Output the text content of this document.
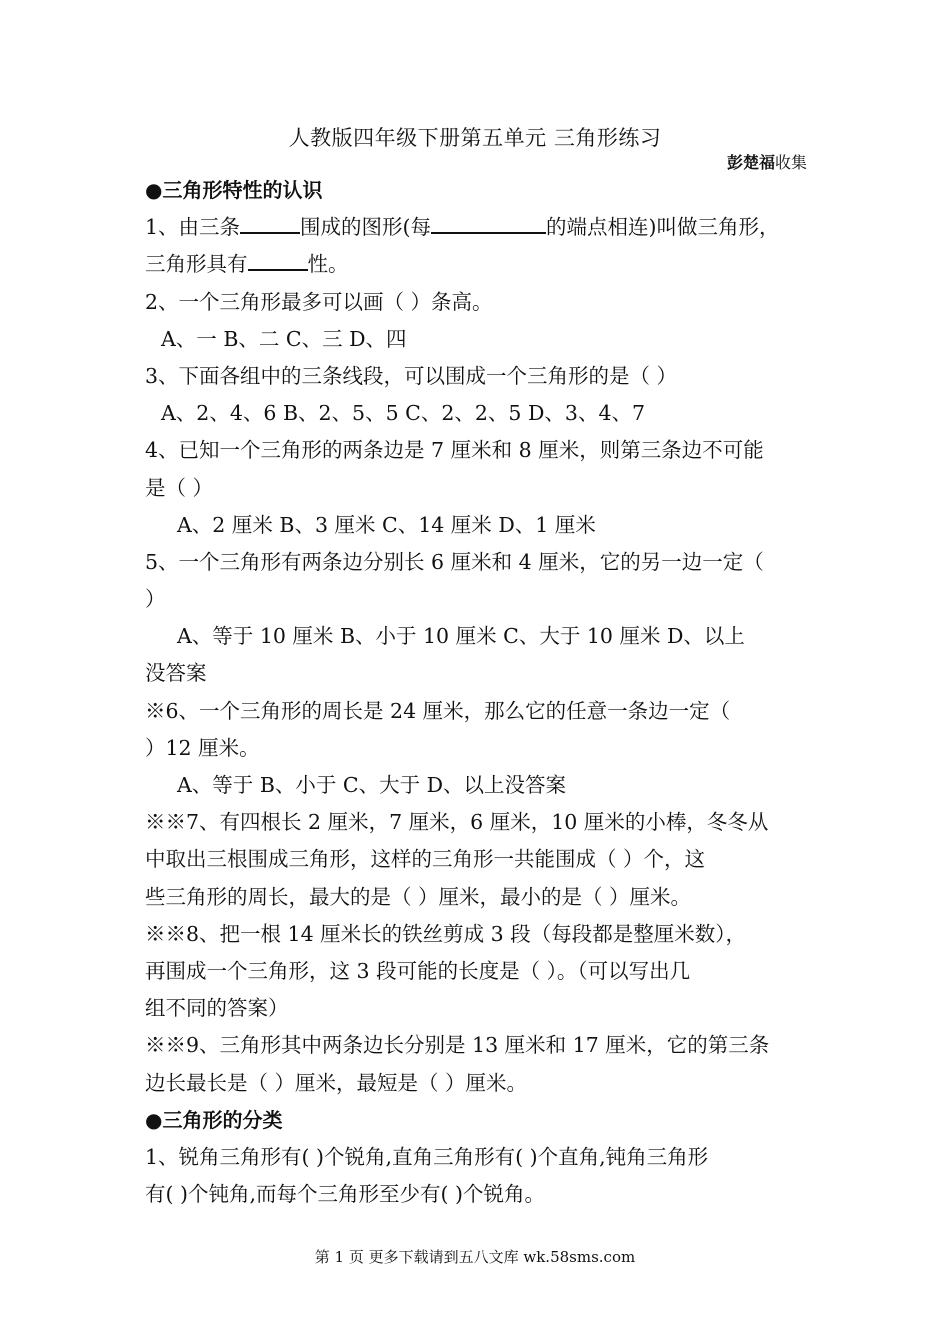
人教版四年级下册第五单元 三角形练习
彭楚福收集
●三角形特性的认识
1、由三条	围成的图形(每	的端点相连)叫做三角形，
三角形具有	性。
2、一个三角形最多可以画（ ）条高。
A、一 B、二 C、三 D、四
3、下面各组中的三条线段，可以围成一个三角形的是（ ）
A、2、4、6 B、2、5、5 C、2、2、5 D、3、4、7
4、已知一个三角形的两条边是 7 厘米和 8 厘米，则第三条边不可能
是（ ）
A、2 厘米 B、3 厘米 C、14 厘米 D、1 厘米
5、一个三角形有两条边分别长 6 厘米和 4 厘米，它的另一边一定（
）
A、等于 10 厘米 B、小于 10 厘米 C、大于 10 厘米 D、以上
没答案
※6、一个三角形的周长是 24 厘米，那么它的任意一条边一定（
）12 厘米。
A、等于 B、小于 C、大于 D、以上没答案
※※7、有四根长 2 厘米，7 厘米，6 厘米，10 厘米的小棒，冬冬从
中取出三根围成三角形，这样的三角形一共能围成（ ）个，这
些三角形的周长，最大的是（ ）厘米，最小的是（ ）厘米。
※※8、把一根 14 厘米长的铁丝剪成 3 段（每段都是整厘米数），
再围成一个三角形，这 3 段可能的长度是（ ）。（可以写出几
组不同的答案）
※※9、三角形其中两条边长分别是 13 厘米和 17 厘米，它的第三条
边长最长是（ ）厘米，最短是（ ）厘米。
●三角形的分类
1、锐角三角形有( )个锐角,直角三角形有( )个直角,钝角三角形
有( )个钝角,而每个三角形至少有( )个锐角。
第 1 页 更多下载请到五八文库 wk.58sms.com
